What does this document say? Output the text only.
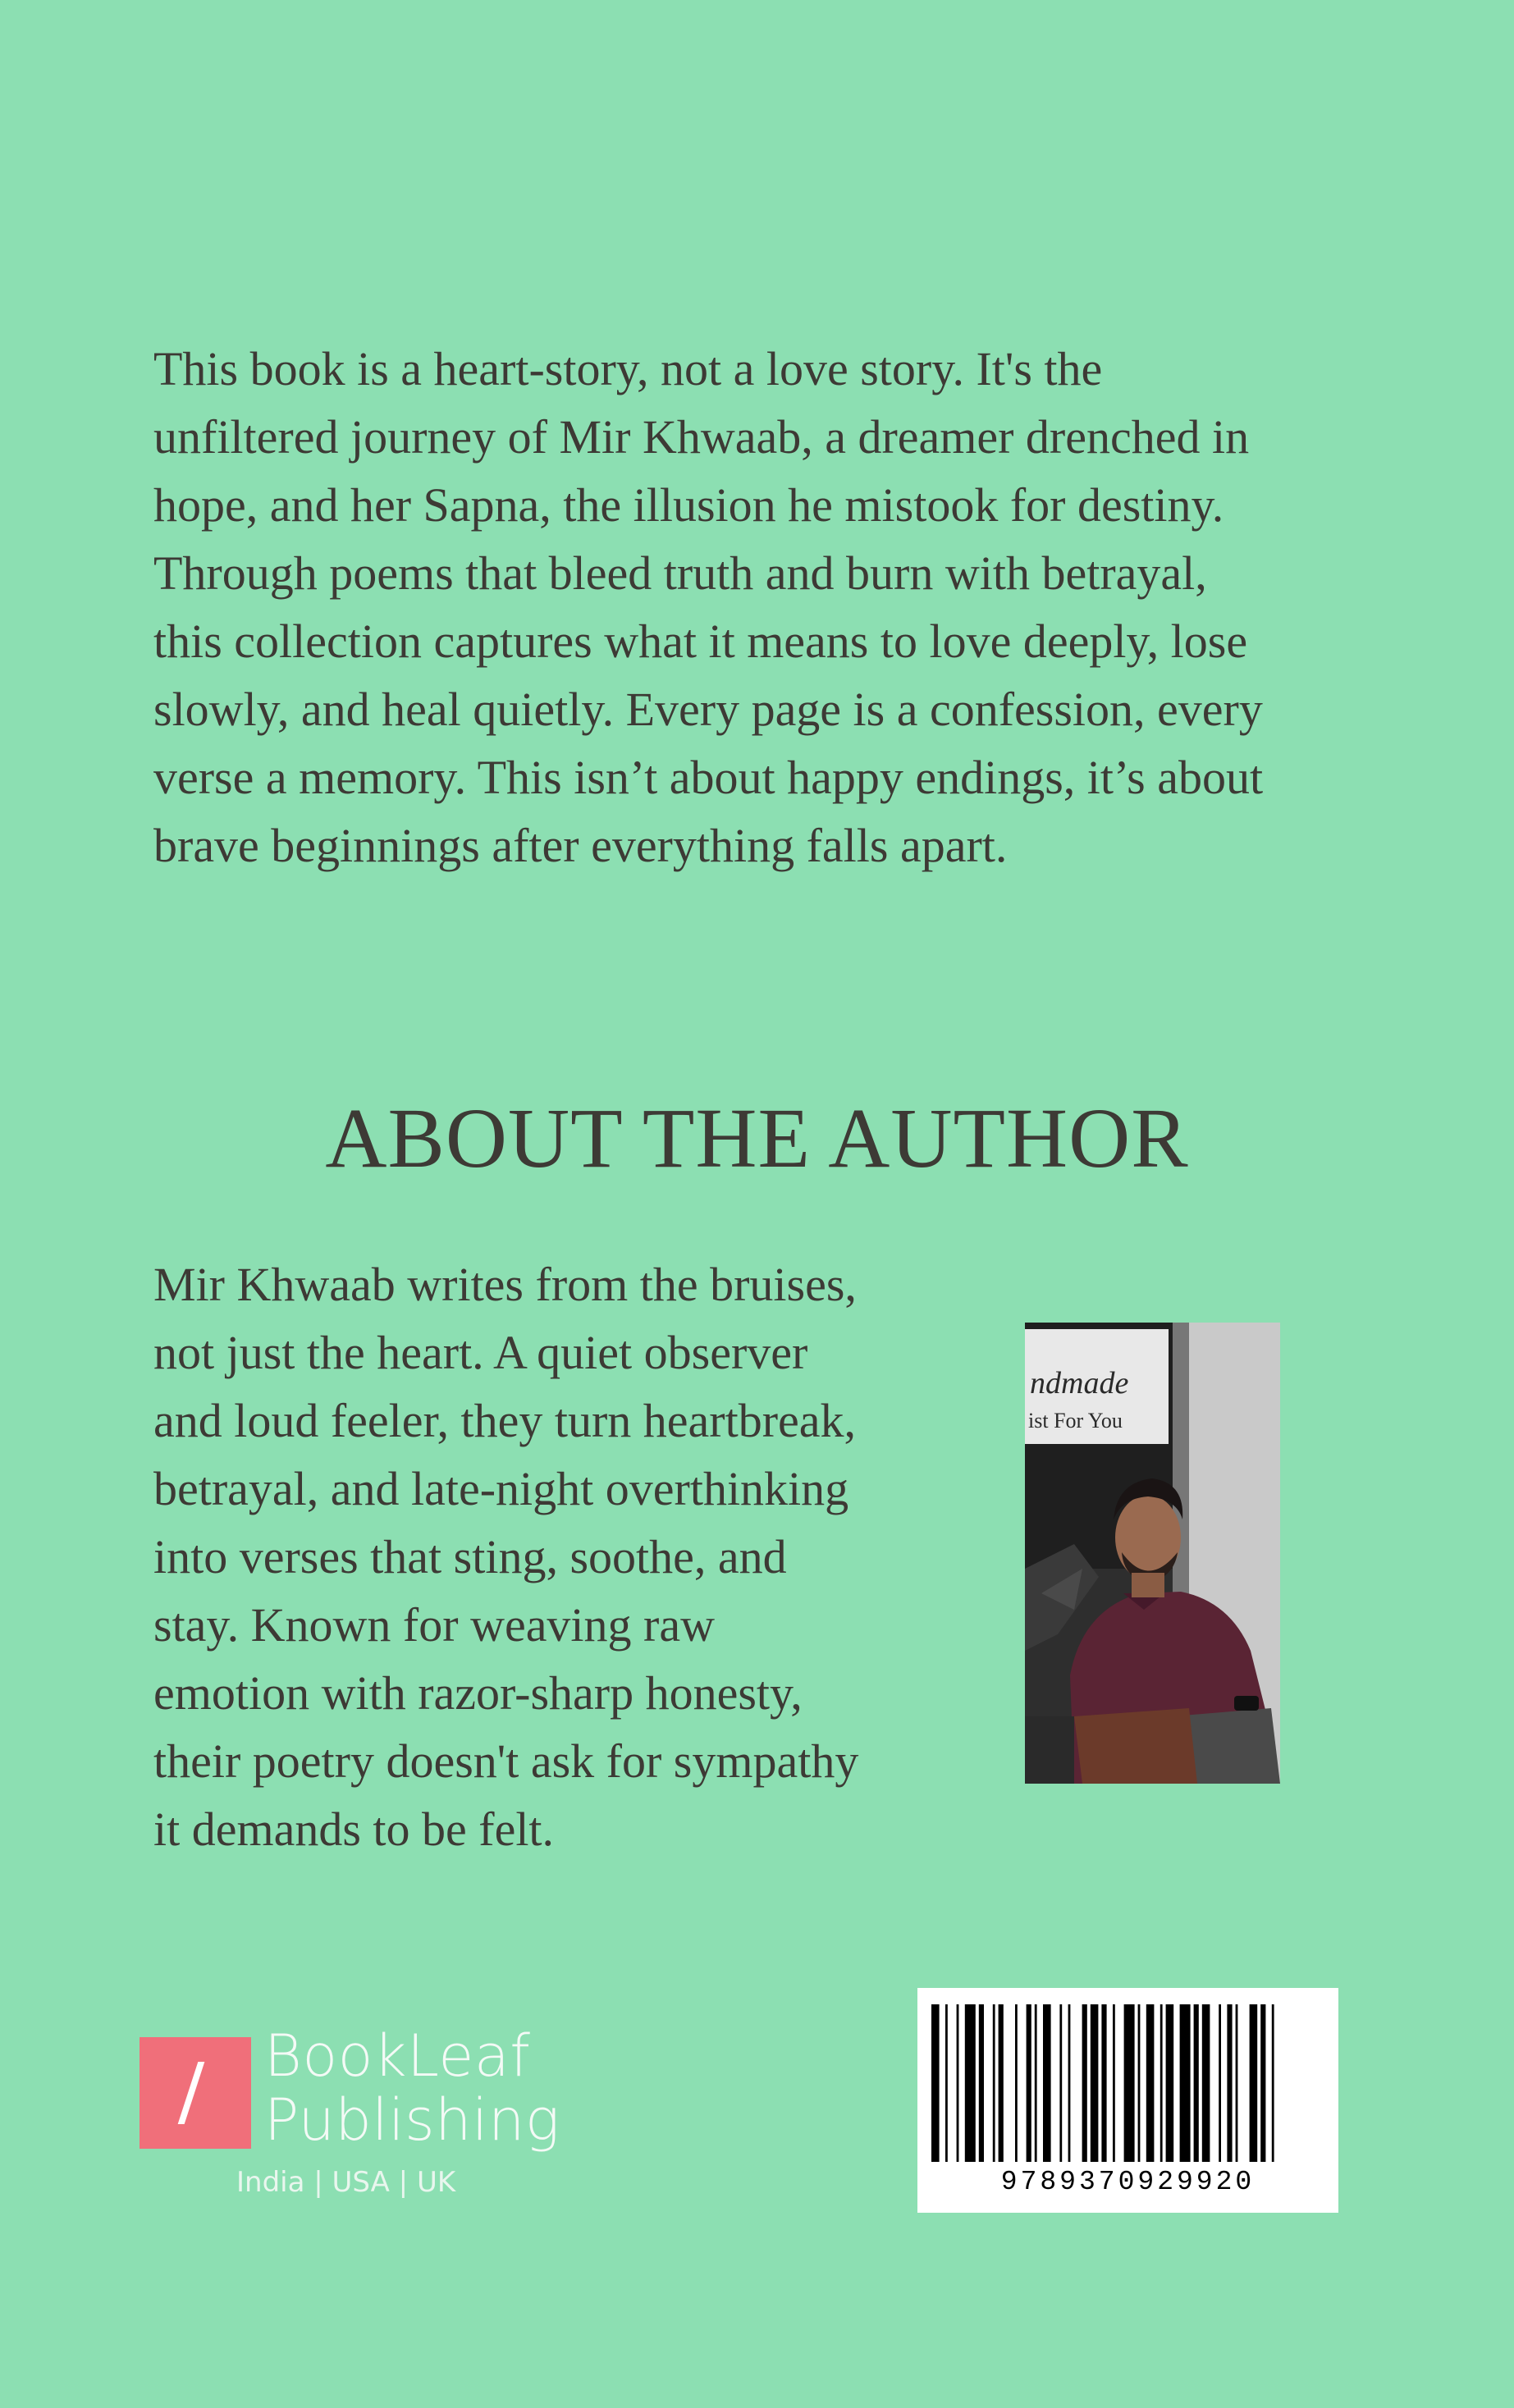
This book is a heart-story, not a love story. It's the
unfiltered journey of Mir Khwaab, a dreamer drenched in
hope, and her Sapna, the illusion he mistook for destiny.
Through poems that bleed truth and burn with betrayal,
this collection captures what it means to love deeply, lose
slowly, and heal quietly. Every page is a confession, every
verse a memory. This isn’t about happy endings, it’s about
brave beginnings after everything falls apart.

ABOUT THE AUTHOR

Mir Khwaab writes from the bruises,
not just the heart. A quiet observer
and loud feeler, they turn heartbreak,
betrayal, and late-night overthinking
into verses that sting, soothe, and
stay. Known for weaving raw
emotion with razor-sharp honesty,
their poetry doesn't ask for sympathy
it demands to be felt.

ndmade
ist For You
BookLeaf
Publishing
India | USA | UK	9789370929920
